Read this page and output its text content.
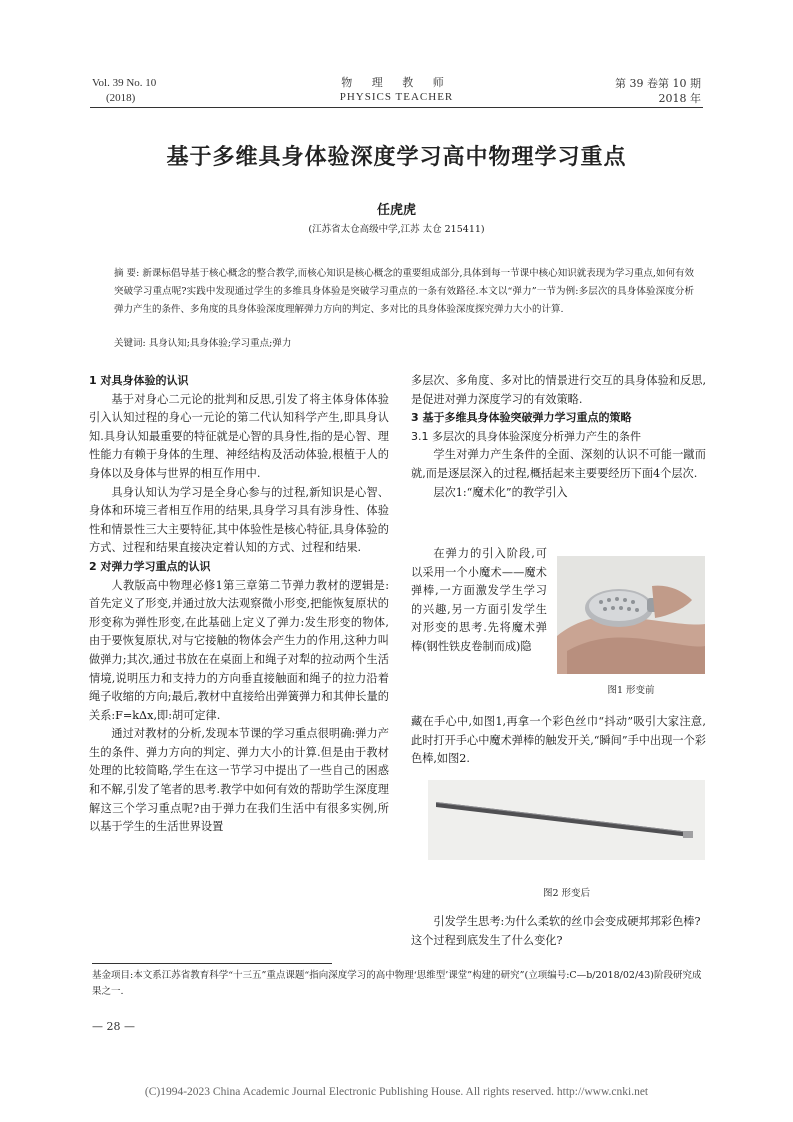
Vol. 39 No. 10
(2018)
物 理 教 师
PHYSICS TEACHER
第 39 卷第 10 期
2018 年
基于多维具身体验深度学习高中物理学习重点
任虎虎
(江苏省太仓高级中学,江苏 太仓 215411)
摘 要: 新课标倡导基于核心概念的整合教学,而核心知识是核心概念的重要组成部分,具体到每一节课中核心知识就表现为学习重点,如何有效突破学习重点呢?实践中发现通过学生的多维具身体验是突破学习重点的一条有效路径.本文以“弹力”一节为例:多层次的具身体验深度分析弹力产生的条件、多角度的具身体验深度理解弹力方向的判定、多对比的具身体验深度探究弹力大小的计算.
关键词: 具身认知;具身体验;学习重点;弹力

1 对具身体验的认识

基于对身心二元论的批判和反思,引发了将主体身体体验引入认知过程的身心一元论的第二代认知科学产生,即具身认知.具身认知最重要的特征就是心智的具身性,指的是心智、理性能力有赖于身体的生理、神经结构及活动体验,根植于人的身体以及身体与世界的相互作用中.

具身认知认为学习是全身心参与的过程,新知识是心智、身体和环境三者相互作用的结果,具身学习具有涉身性、体验性和情景性三大主要特征,其中体验性是核心特征,具身体验的方式、过程和结果直接决定着认知的方式、过程和结果.

2 对弹力学习重点的认识

人教版高中物理必修1第三章第二节弹力教材的逻辑是:首先定义了形变,并通过放大法观察微小形变,把能恢复原状的形变称为弹性形变,在此基础上定义了弹力:发生形变的物体,由于要恢复原状,对与它接触的物体会产生力的作用,这种力叫做弹力;其次,通过书放在在桌面上和绳子对犁的拉动两个生活情境,说明压力和支持力的方向垂直接触面和绳子的拉力沿着绳子收缩的方向;最后,教材中直接给出弹簧弹力和其伸长量的关系:F=kΔx,即:胡可定律.

通过对教材的分析,发现本节课的学习重点很明确:弹力产生的条件、弹力方向的判定、弹力大小的计算.但是由于教材处理的比较简略,学生在这一节学习中提出了一些自己的困惑和不解,引发了笔者的思考.教学中如何有效的帮助学生深度理解这三个学习重点呢?由于弹力在我们生活中有很多实例,所以基于学生的生活世界设置

多层次、多角度、多对比的情景进行交互的具身体验和反思,是促进对弹力深度学习的有效策略.

3 基于多维具身体验突破弹力学习重点的策略

3.1 多层次的具身体验深度分析弹力产生的条件

学生对弹力产生条件的全面、深刻的认识不可能一蹴而就,而是逐层深入的过程,概括起来主要要经历下面4个层次.

层次1:“魔术化”的教学引入

在弹力的引入阶段,可以采用一个小魔术——魔术弹棒,一方面激发学生学习的兴趣,另一方面引发学生对形变的思考.先将魔术弹棒(钢性铁皮卷制而成)隐

图1 形变前

藏在手心中,如图1,再拿一个彩色丝巾“抖动”吸引大家注意,此时打开手心中魔术弹棒的触发开关,“瞬间”手中出现一个彩色棒,如图2.

图2 形变后

引发学生思考:为什么柔软的丝巾会变成硬邦邦彩色棒?这个过程到底发生了什么变化?

基金项目:本文系江苏省教育科学“十三五”重点课题“指向深度学习的高中物理‘思维型’课堂”构建的研究”(立项编号:C—b/2018/02/43)阶段研究成果之一.
— 28 —
(C)1994-2023 China Academic Journal Electronic Publishing House. All rights reserved. http://www.cnki.net
